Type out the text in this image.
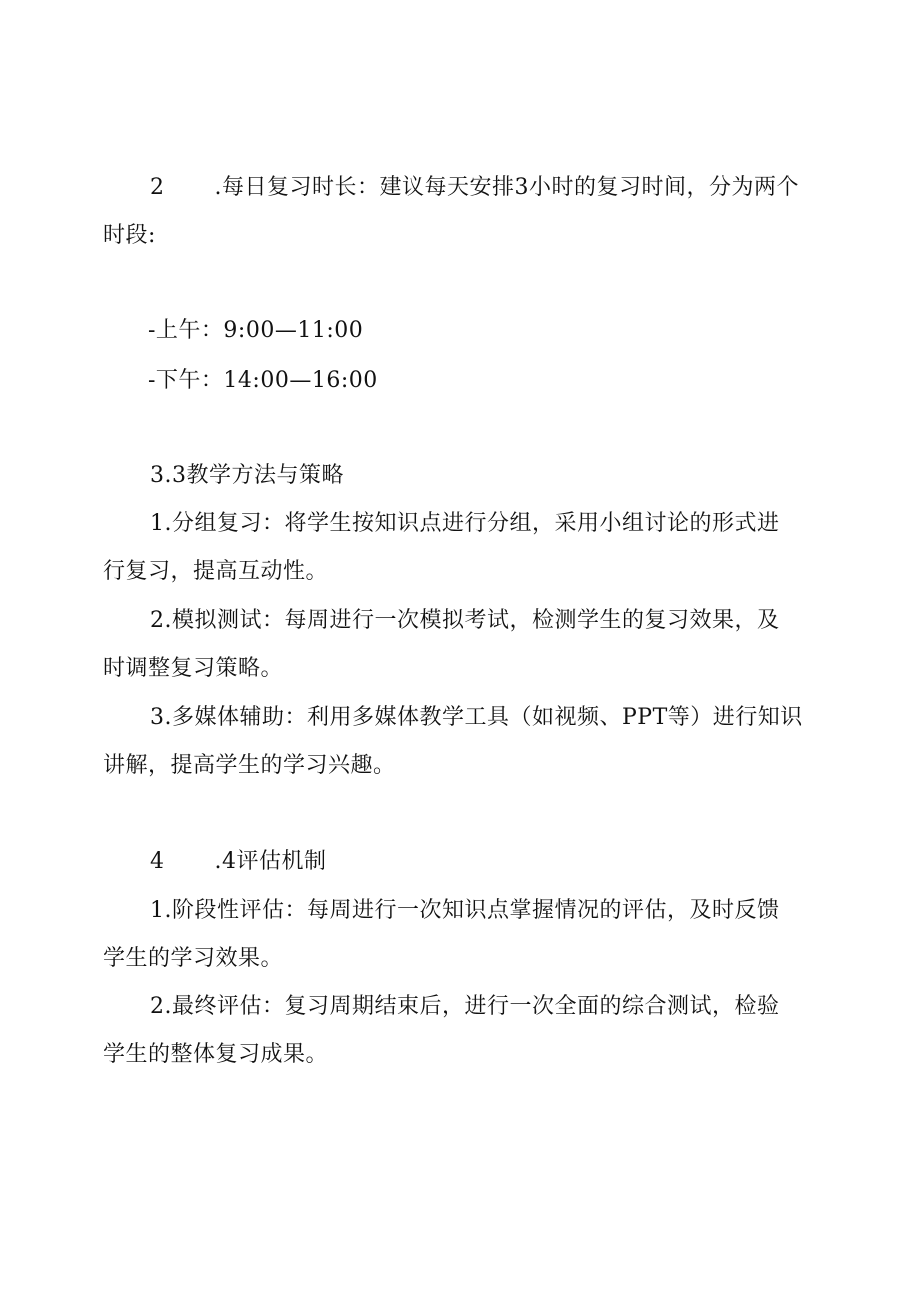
2 .每日复习时长：建议每天安排3小时的复习时间，分为两个
时段:
-上午：9:00—11:00
-下午：14:00—16:00
3.3教学方法与策略
1.分组复习：将学生按知识点进行分组，采用小组讨论的形式进
行复习，提高互动性。
2.模拟测试：每周进行一次模拟考试，检测学生的复习效果，及
时调整复习策略。
3.多媒体辅助：利用多媒体教学工具（如视频、PPT等）进行知识
讲解，提高学生的学习兴趣。
4 .4评估机制
1.阶段性评估：每周进行一次知识点掌握情况的评估，及时反馈
学生的学习效果。
2.最终评估：复习周期结束后，进行一次全面的综合测试，检验
学生的整体复习成果。
